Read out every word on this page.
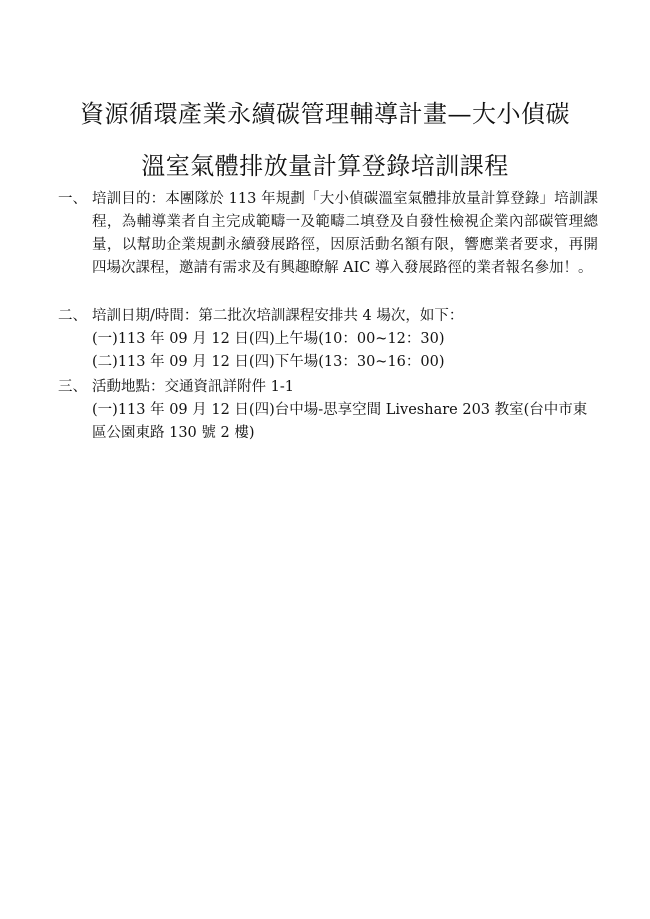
資源循環產業永續碳管理輔導計畫—大小偵碳
溫室氣體排放量計算登錄培訓課程
一、 培訓目的：本團隊於 113 年規劃「大小偵碳溫室氣體排放量計算登錄」培訓課程，為輔導業者自主完成範疇一及範疇二填登及自發性檢視企業內部碳管理總量，以幫助企業規劃永續發展路徑，因原活動名額有限，響應業者要求，再開四場次課程，邀請有需求及有興趣瞭解 AIC 導入發展路徑的業者報名參加！。
二、 培訓日期/時間：第二批次培訓課程安排共 4 場次，如下：
(一)113 年 09 月 12 日(四)上午場(10：00~12：30)
(二)113 年 09 月 12 日(四)下午場(13：30~16：00)
三、 活動地點：交通資訊詳附件 1-1
(一)113 年 09 月 12 日(四)台中場-思享空間 Liveshare 203 教室(台中市東區公園東路 130 號 2 樓)
